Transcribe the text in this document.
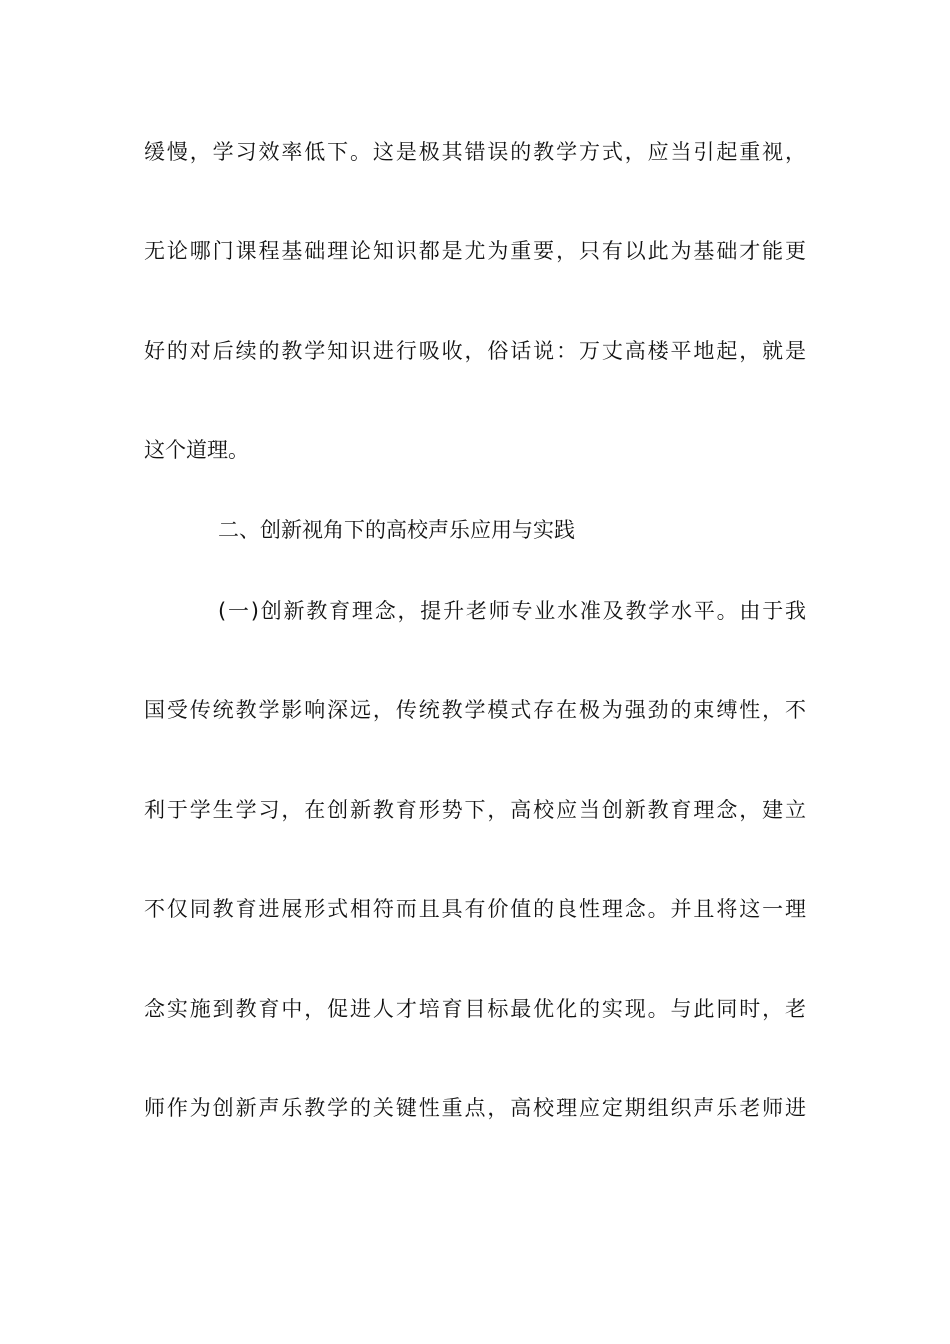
缓慢，学习效率低下。这是极其错误的教学方式，应当引起重视，
无论哪门课程基础理论知识都是尤为重要，只有以此为基础才能更
好的对后续的教学知识进行吸收，俗话说：万丈高楼平地起，就是
这个道理。
二、创新视角下的高校声乐应用与实践
(一)创新教育理念，提升老师专业水准及教学水平。由于我
国受传统教学影响深远，传统教学模式存在极为强劲的束缚性，不
利于学生学习，在创新教育形势下，高校应当创新教育理念，建立
不仅同教育进展形式相符而且具有价值的良性理念。并且将这一理
念实施到教育中，促进人才培育目标最优化的实现。与此同时，老
师作为创新声乐教学的关键性重点，高校理应定期组织声乐老师进
